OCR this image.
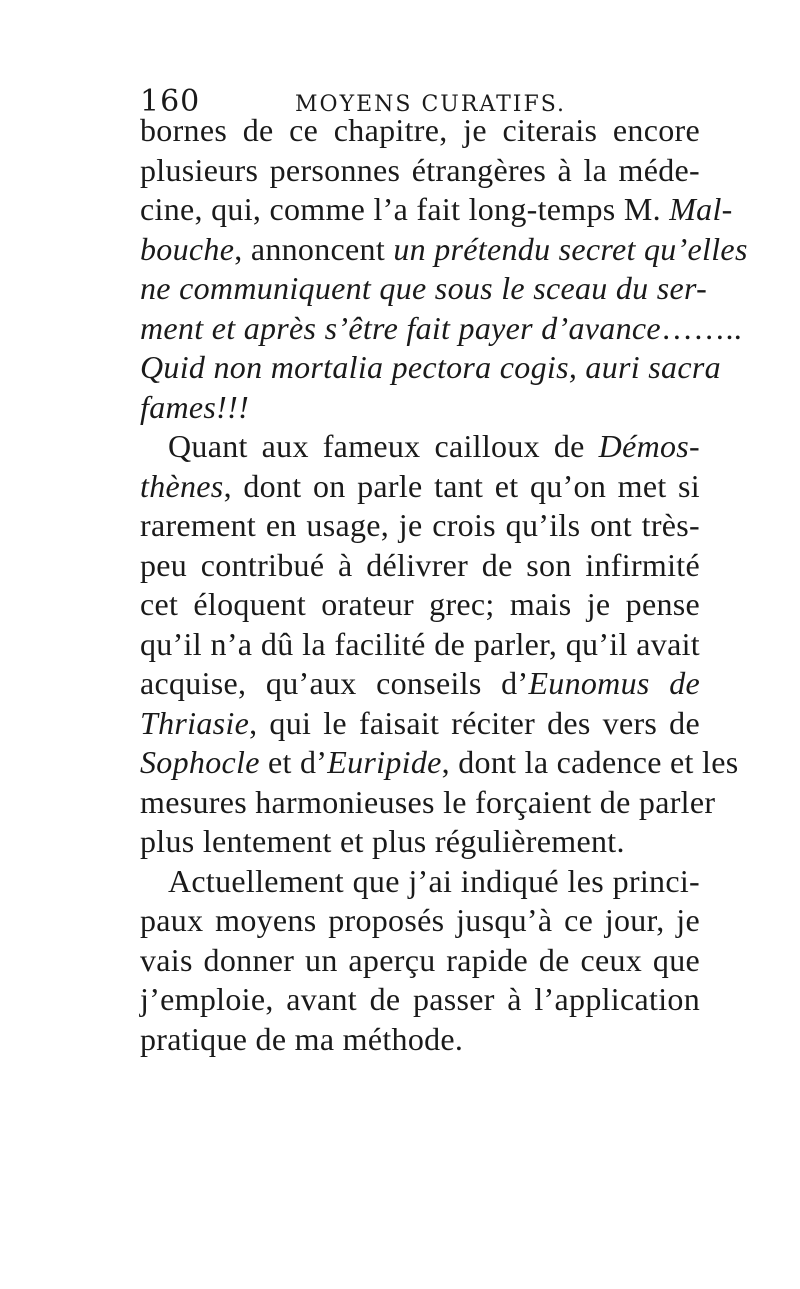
160	MOYENS CURATIFS.
bornes de ce chapitre, je citerais encore
plusieurs personnes étrangères à la méde-
cine, qui, comme l’a fait long-temps M. Mal-
bouche, annoncent un prétendu secret qu’elles
ne communiquent que sous le sceau du ser-
ment et après s’être fait payer d’avance……..
Quid non mortalia pectora cogis, auri sacra
fames!!!
Quant aux fameux cailloux de Démos-
thènes, dont on parle tant et qu’on met si
rarement en usage, je crois qu’ils ont très-
peu contribué à délivrer de son infirmité
cet éloquent orateur grec; mais je pense
qu’il n’a dû la facilité de parler, qu’il avait
acquise, qu’aux conseils d’Eunomus de
Thriasie, qui le faisait réciter des vers de
Sophocle et d’Euripide, dont la cadence et les
mesures harmonieuses le forçaient de parler
plus lentement et plus régulièrement.
Actuellement que j’ai indiqué les princi-
paux moyens proposés jusqu’à ce jour, je
vais donner un aperçu rapide de ceux que
j’emploie, avant de passer à l’application
pratique de ma méthode.
